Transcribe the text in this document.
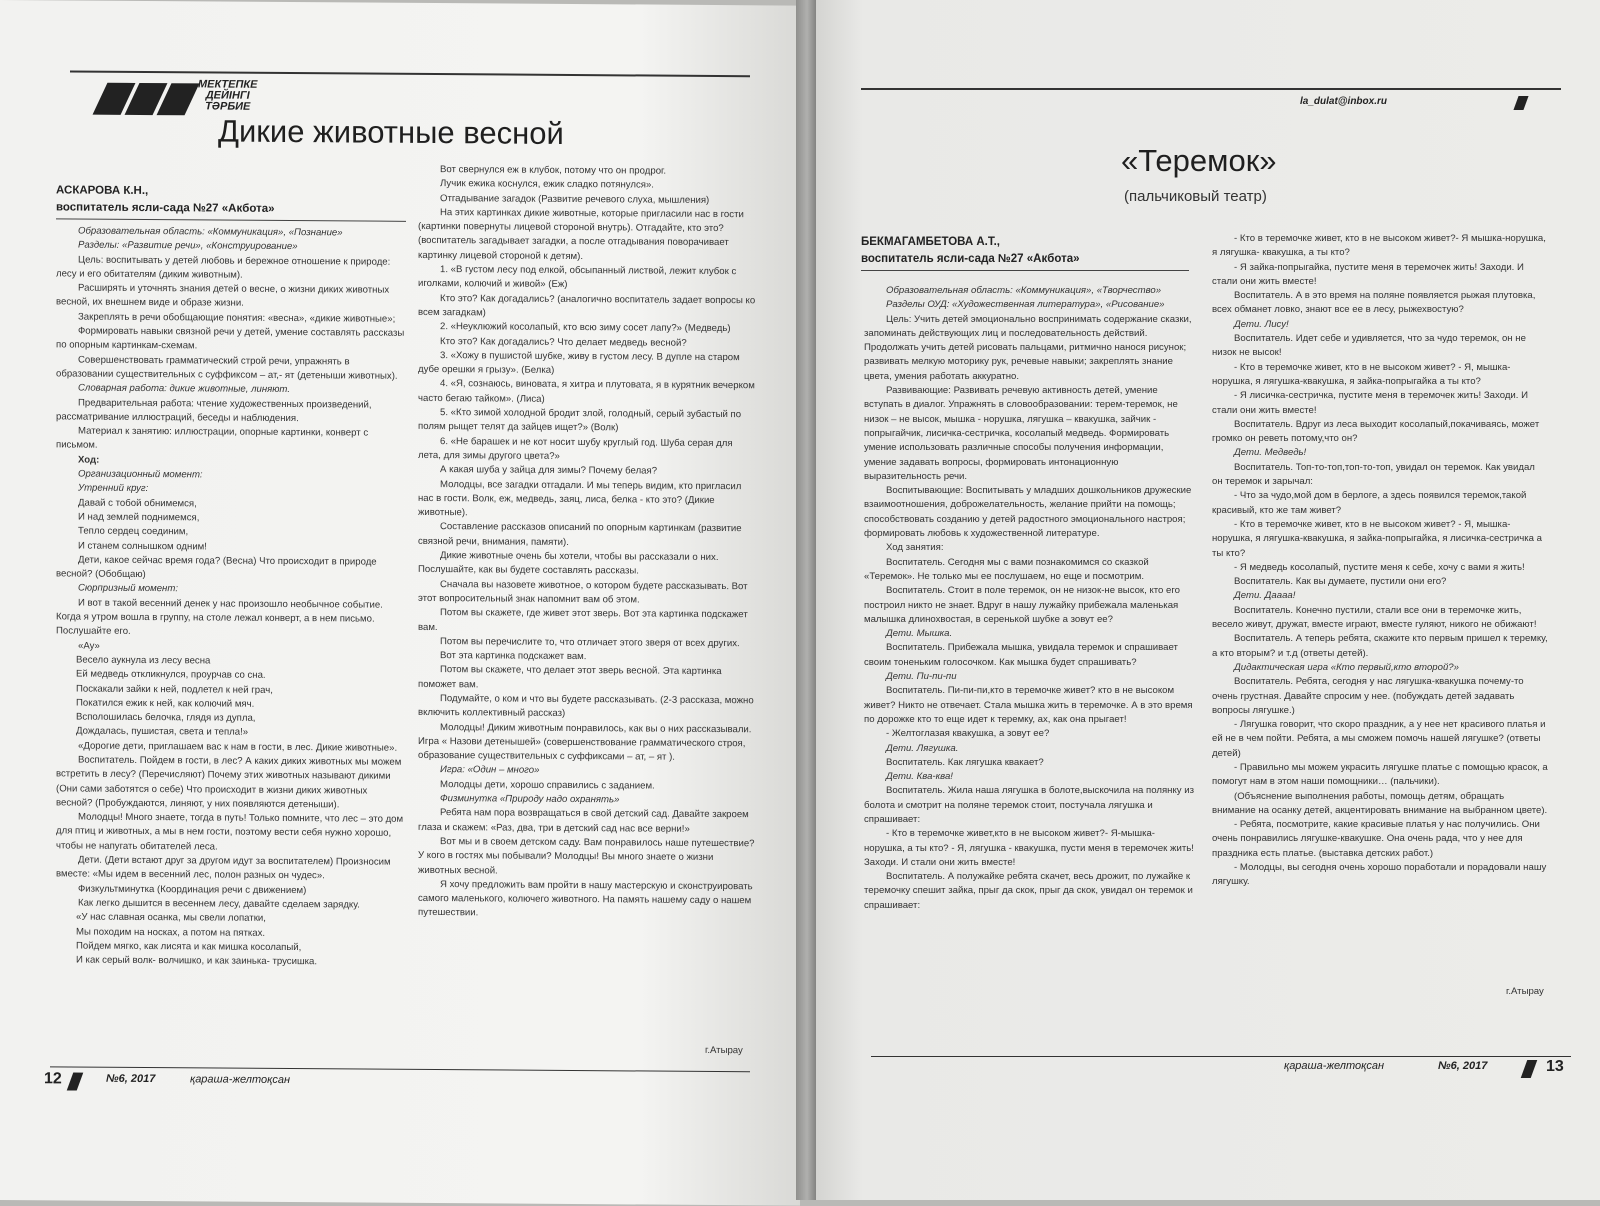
МЕКТЕПКЕ
ДЕЙІНГІ
ТӘРБИЕ
Дикие животные весной
АСКАРОВА К.Н.,
воспитатель ясли-сада №27 «Акбота»

Образовательная область: «Коммуникация», «Познание»

Разделы: «Развитие речи», «Конструирование»

Цель: воспитывать у детей любовь и бережное отношение к природе: лесу и его обитателям (диким животным).

Расширять и уточнять знания детей о весне, о жизни диких животных весной, их внешнем виде и образе жизни.

Закреплять в речи обобщающие понятия: «весна», «дикие животные»;

Формировать навыки связной речи у детей, умение составлять рассказы по опорным картинкам-схемам.

Совершенствовать грамматический строй речи, упражнять в образовании существительных с суффиксом – ат,- ят (детеныши животных).

Словарная работа: дикие животные, линяют.

Предварительная работа: чтение художественных произведений, рассматривание иллюстраций, беседы и наблюдения.

Материал к занятию: иллюстрации, опорные картинки, конверт с письмом.

Ход:

Организационный момент:

Утренний круг:

Давай с тобой обнимемся,

И над землей поднимемся,

Тепло сердец соединим,

И станем солнышком одним!

Дети, какое сейчас время года? (Весна) Что происходит в природе весной? (Обобщаю)

Сюрпризный момент:

И вот в такой весенний денек у нас произошло необычное событие. Когда я утром вошла в группу, на столе лежал конверт, а в нем письмо. Послушайте его.

«Ау»

Весело аукнула из лесу весна

Ей медведь откликнулся, проурчав со сна.

Поскакали зайки к ней, подлетел к ней грач,

Покатился ежик к ней, как колючий мяч.

Всполошилась белочка, глядя из дупла,

Дождалась, пушистая, света и тепла!»

«Дорогие дети, приглашаем вас к нам в гости, в лес. Дикие животные».

Воспитатель. Пойдем в гости, в лес? А каких диких животных мы можем встретить в лесу? (Перечисляют) Почему этих животных называют дикими (Они сами заботятся о себе) Что происходит в жизни диких животных весной? (Пробуждаются, линяют, у них появляются детеныши).

Молодцы! Много знаете, тогда в путь! Только помните, что лес – это дом для птиц и животных, а мы в нем гости, поэтому вести себя нужно хорошо, чтобы не напугать обитателей леса.

Дети. (Дети встают друг за другом идут за воспитателем) Произносим вместе: «Мы идем в весенний лес, полон разных он чудес».

Физкультминутка (Координация речи с движением)

Как легко дышится в весеннем лесу, давайте сделаем зарядку.

«У нас славная осанка, мы свели лопатки,

Мы походим на носках, а потом на пятках.

Пойдем мягко, как лисята и как мишка косолапый,

И как серый волк- волчишко, и как заинька- трусишка.

Вот свернулся еж в клубок, потому что он продрог.

Лучик ежика коснулся, ежик сладко потянулся».

Отгадывание загадок (Развитие речевого слуха, мышления)

На этих картинках дикие животные, которые пригласили нас в гости (картинки повернуты лицевой стороной внутрь). Отгадайте, кто это? (воспитатель загадывает загадки, а после отгадывания поворачивает картинку лицевой стороной к детям).

1. «В густом лесу под елкой, обсыпанный листвой, лежит клубок с иголками, колючий и живой» (Еж)

Кто это? Как догадались? (аналогично воспитатель задает вопросы ко всем загадкам)

2. «Неуклюжий косолапый, кто всю зиму сосет лапу?» (Медведь)

Кто это? Как догадались? Что делает медведь весной?

3. «Хожу в пушистой шубке, живу в густом лесу. В дупле на старом дубе орешки я грызу». (Белка)

4. «Я, сознаюсь, виновата, я хитра и плутовата, я в курятник вечерком часто бегаю тайком». (Лиса)

5. «Кто зимой холодной бродит злой, голодный, серый зубастый по полям рыщет телят да зайцев ищет?» (Волк)

6. «Не барашек и не кот носит шубу круглый год. Шуба серая для лета, для зимы другого цвета?»

А какая шуба у зайца для зимы? Почему белая?

Молодцы, все загадки отгадали. И мы теперь видим, кто пригласил нас в гости. Волк, еж, медведь, заяц, лиса, белка - кто это? (Дикие животные).

Составление рассказов описаний по опорным картинкам (развитие связной речи, внимания, памяти).

Дикие животные очень бы хотели, чтобы вы рассказали о них. Послушайте, как вы будете составлять рассказы.

Сначала вы назовете животное, о котором будете рассказывать. Вот этот вопросительный знак напомнит вам об этом.

Потом вы скажете, где живет этот зверь. Вот эта картинка подскажет вам.

Потом вы перечислите то, что отличает этого зверя от всех других.

Вот эта картинка подскажет вам.

Потом вы скажете, что делает этот зверь весной. Эта картинка поможет вам.

Подумайте, о ком и что вы будете рассказывать. (2-3 рассказа, можно включить коллективный рассказ)

Молодцы! Диким животным понравилось, как вы о них рассказывали. Игра « Назови детенышей» (совершенствование грамматического строя, образование существительных с суффиксами – ат, – ят ).

Игра: «Один – много»

Молодцы дети, хорошо справились с заданием.

Физминутка «Природу надо охранять»

Ребята нам пора возвращаться в свой детский сад. Давайте закроем глаза и скажем: «Раз, два, три в детский сад нас все верни!»

Вот мы и в своем детском саду. Вам понравилось наше путешествие? У кого в гостях мы побывали? Молодцы! Вы много знаете о жизни животных весной.

Я хочу предложить вам пройти в нашу мастерскую и сконструировать самого маленького, колючего животного. На память нашему саду о нашем путешествии.

г.Атырау
12	№6, 2017	қараша-желтоқсан
la_dulat@inbox.ru
«Теремок»
(пальчиковый театр)
БЕКМАГАМБЕТОВА А.Т.,
воспитатель ясли-сада №27 «Акбота»

Образовательная область: «Коммуникация», «Творчество»

Разделы ОУД: «Художественная литература», «Рисование»

Цель: Учить детей эмоционально воспринимать содержание сказки, запоминать действующих лиц и последовательность действий. Продолжать учить детей рисовать пальцами, ритмично нанося рисунок; развивать мелкую моторику рук, речевые навыки; закреплять знание цвета, умения работать аккуратно.

Развивающие: Развивать речевую активность детей, умение вступать в диалог. Упражнять в словообразовании: терем-теремок, не низок – не высок, мышка - норушка, лягушка – квакушка, зайчик - попрыгайчик, лисичка-сестричка, косолапый медведь. Формировать умение использовать различные способы получения информации, умение задавать вопросы, формировать интонационную выразительность речи.

Воспитывающие: Воспитывать у младших дошкольников дружеские взаимоотношения, доброжелательность, желание прийти на помощь; способствовать созданию у детей радостного эмоционального настроя; формировать любовь к художественной литературе.

Ход занятия:

Воспитатель. Сегодня мы с вами познакомимся со сказкой «Теремок». Не только мы ее послушаем, но еще и посмотрим.

Воспитатель. Стоит в поле теремок, он не низок-не высок, кто его построил никто не знает. Вдруг в нашу лужайку прибежала маленькая малышка длинохвостая, в серенькой шубке а зовут ее?

Дети. Мышка.

Воспитатель. Прибежала мышка, увидала теремок и спрашивает своим тоненьким голосочком. Как мышка будет спрашивать?

Дети. Пи-пи-пи

Воспитатель. Пи-пи-пи,кто в теремочке живет? кто в не высоком живет? Никто не отвечает. Стала мышка жить в теремочке. А в это время по дорожке кто то еще идет к теремку, ах, как она прыгает!

- Желтоглазая квакушка, а зовут ее?

Дети. Лягушка.

Воспитатель. Как лягушка квакает?

Дети. Ква-ква!

Воспитатель. Жила наша лягушка в болоте,выскочила на полянку из болота и смотрит на поляне теремок стоит, постучала лягушка и спрашивает:

- Кто в теремочке живет,кто в не высоком живет?- Я-мышка-норушка, а ты кто? - Я, лягушка - квакушка, пусти меня в теремочек жить! Заходи. И стали они жить вместе!

Воспитатель. А полужайке ребята скачет, весь дрожит, по лужайке к теремочку спешит зайка, прыг да скок, прыг да скок, увидал он теремок и спрашивает:

- Кто в теремочке живет, кто в не высоком живет?- Я мышка-норушка, я лягушка- квакушка, а ты кто?

- Я зайка-попрыгайка, пустите меня в теремочек жить! Заходи. И стали они жить вместе!

Воспитатель. А в это время на поляне появляется рыжая плутовка, всех обманет ловко, знают все ее в лесу, рыжехвостую?

Дети. Лису!

Воспитатель. Идет себе и удивляется, что за чудо теремок, он не низок не высок!

- Кто в теремочке живет, кто в не высоком живет? - Я, мышка-норушка, я лягушка-квакушка, я зайка-попрыгайка а ты кто?

- Я лисичка-сестричка, пустите меня в теремочек жить! Заходи. И стали они жить вместе!

Воспитатель. Вдруг из леса выходит косолапый,покачиваясь, может громко он реветь потому,что он?

Дети. Медведь!

Воспитатель. Топ-то-топ,топ-то-топ, увидал он теремок. Как увидал он теремок и зарычал:

- Что за чудо,мой дом в берлоге, а здесь появился теремок,такой красивый, кто же там живет?

- Кто в теремочке живет, кто в не высоком живет? - Я, мышка-норушка, я лягушка-квакушка, я зайка-попрыгайка, я лисичка-сестричка а ты кто?

- Я медведь косолапый, пустите меня к себе, хочу с вами я жить!

Воспитатель. Как вы думаете, пустили они его?

Дети. Даааа!

Воспитатель. Конечно пустили, стали все они в теремочке жить, весело живут, дружат, вместе играют, вместе гуляют, никого не обижают!

Воспитатель. А теперь ребята, скажите кто первым пришел к теремку, а кто вторым? и т.д (ответы детей).

Дидактическая игра «Кто первый,кто второй?»

Воспитатель. Ребята, сегодня у нас лягушка-квакушка почему-то очень грустная. Давайте спросим у нее. (побуждать детей задавать вопросы лягушке.)

- Лягушка говорит, что скоро праздник, а у нее нет красивого платья и ей не в чем пойти. Ребята, а мы сможем помочь нашей лягушке? (ответы детей)

- Правильно мы можем украсить лягушке платье с помощью красок, а помогут нам в этом наши помощники… (пальчики).

(Объяснение выполнения работы, помощь детям, обращать внимание на осанку детей, акцентировать внимание на выбранном цвете).

- Ребята, посмотрите, какие красивые платья у нас получились. Они очень понравились лягушке-квакушке. Она очень рада, что у нее для праздника есть платье. (выставка детских работ.)

- Молодцы, вы сегодня очень хорошо поработали и порадовали нашу лягушку.

г.Атырау
қараша-желтоқсан	№6, 2017	13
